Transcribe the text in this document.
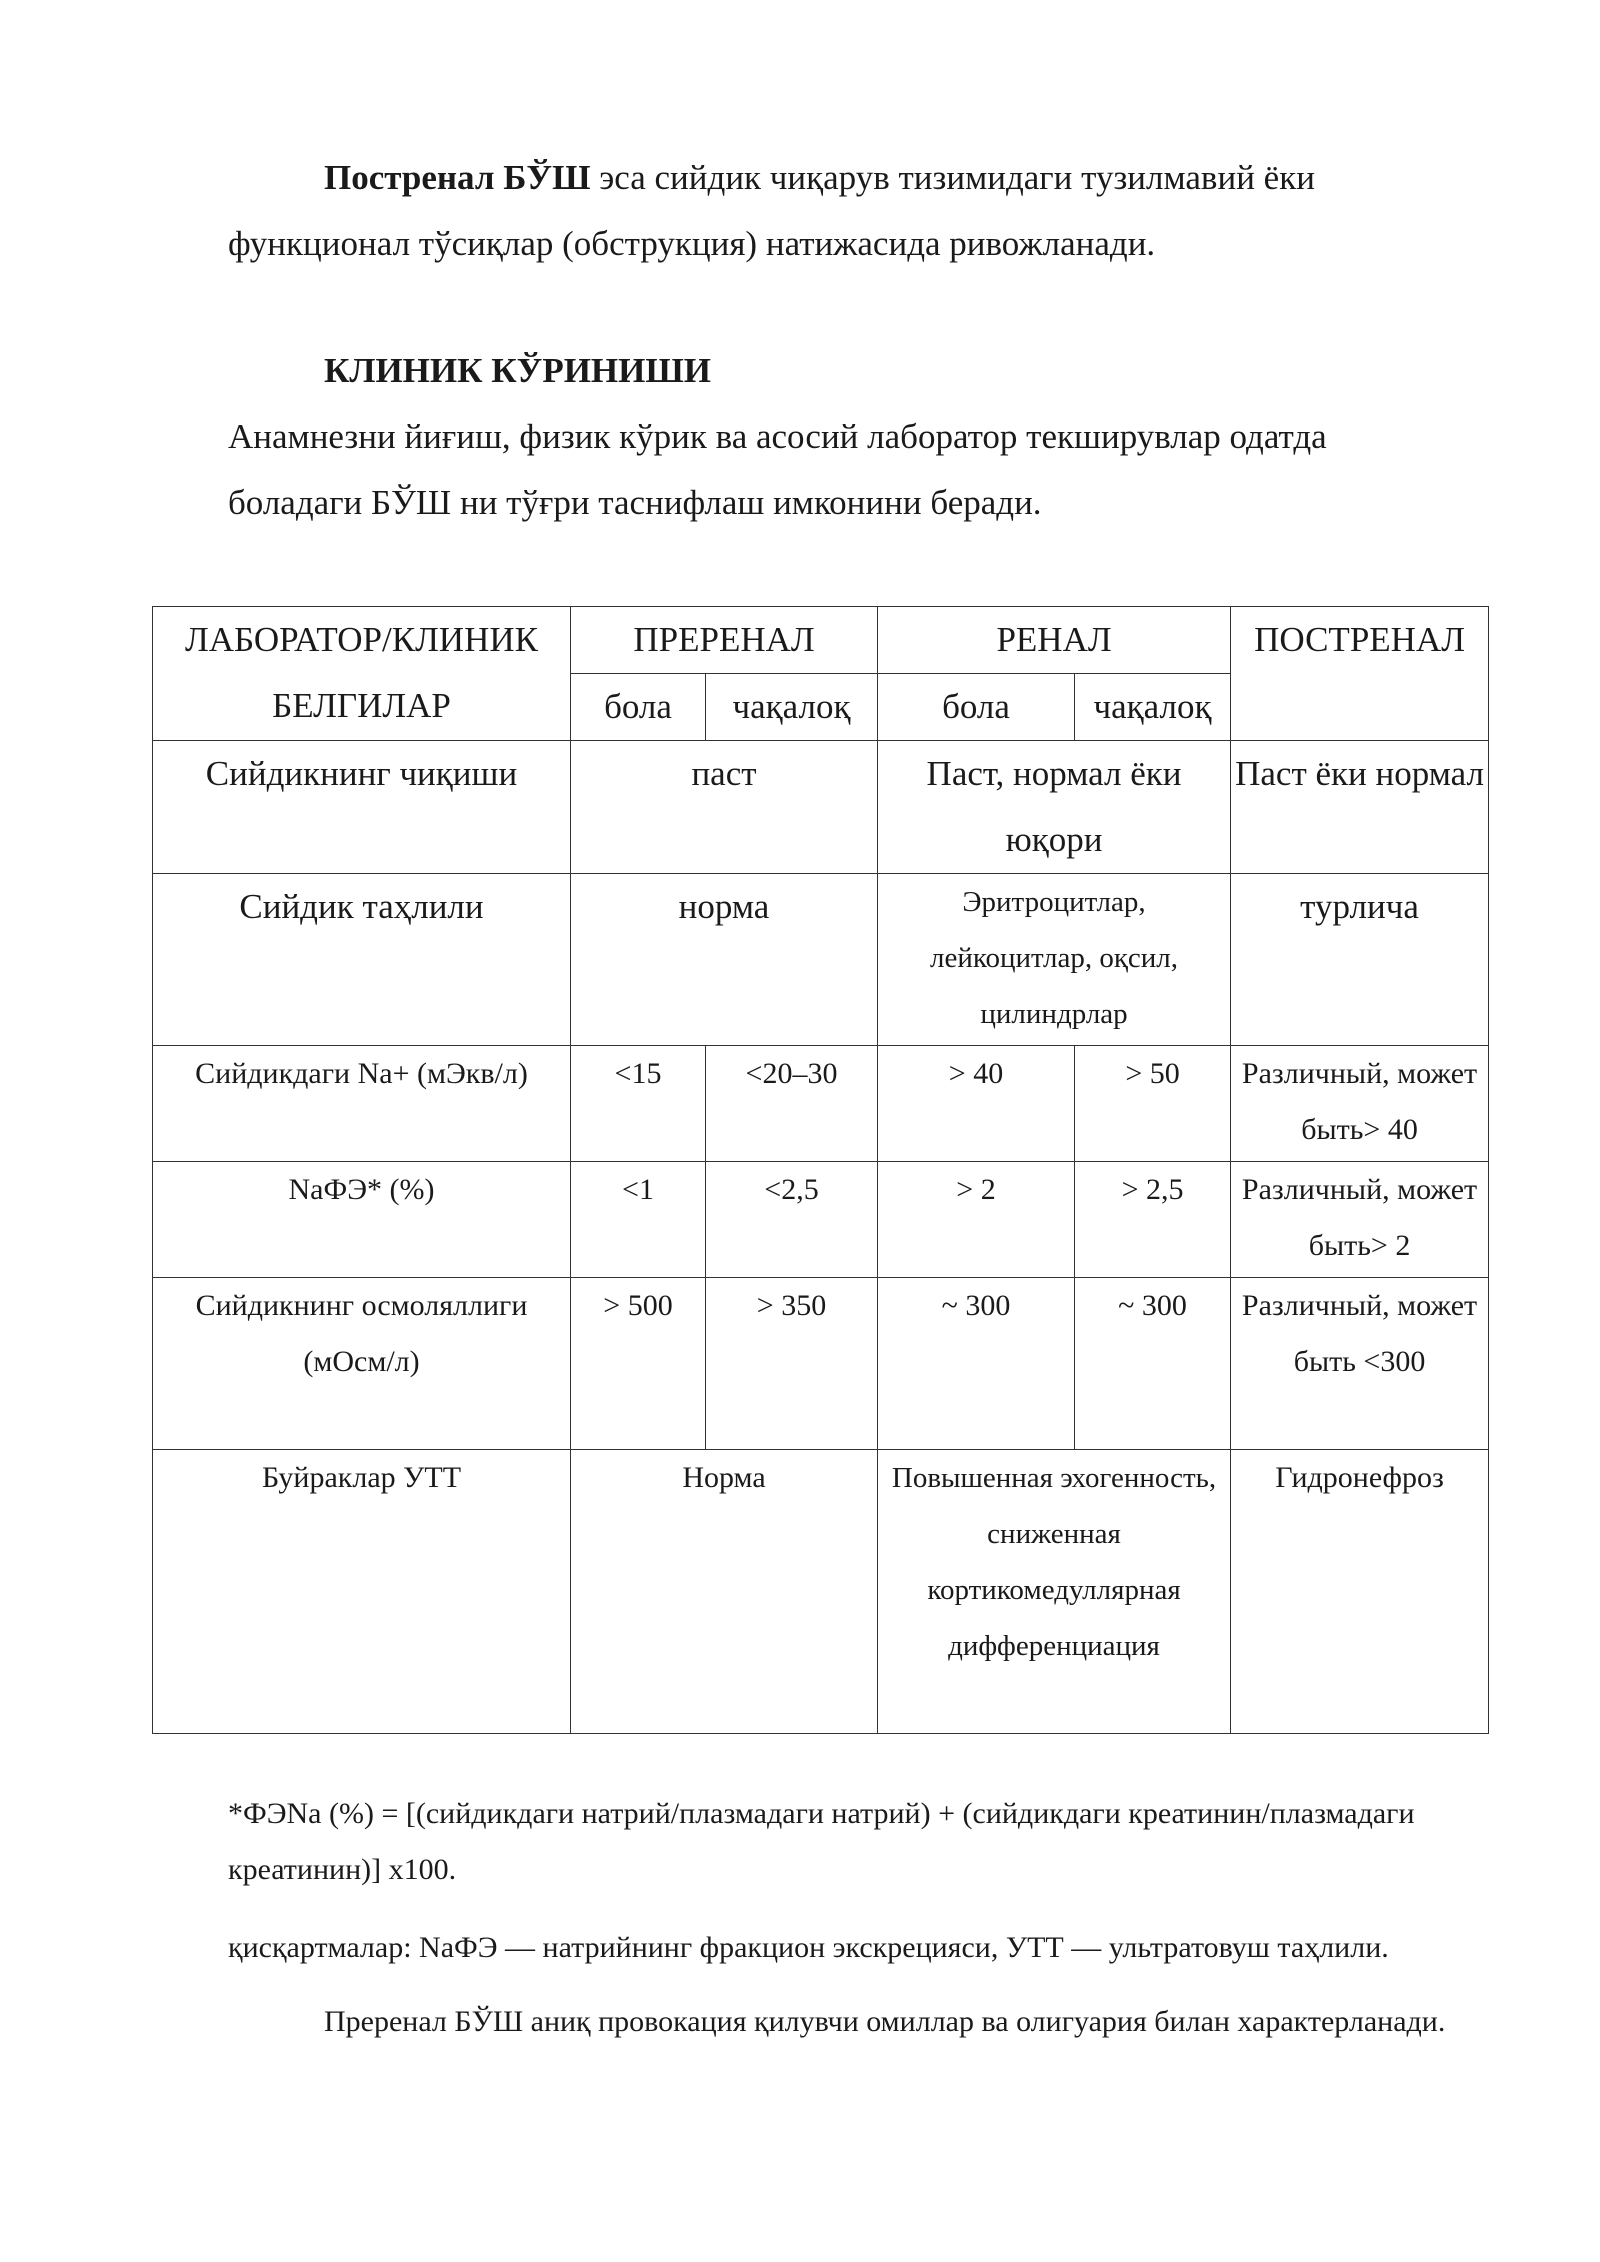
Постренал БЎШ эса сийдик чиқарув тизимидаги тузилмавий ёки функционал тўсиқлар (обструкция) натижасида ривожланади.

КЛИНИК КЎРИНИШИ

Анамнезни йиғиш, физик кўрик ва асосий лаборатор текширувлар одатда боладаги БЎШ ни тўғри таснифлаш имконини беради.

ЛАБОРАТОР/КЛИНИК БЕЛГИЛАР	ПРЕРЕНАЛ		РЕНАЛ		ПОСТРЕНАЛ
	бола	чақалоқ	бола	чақалоқ	
Сийдикнинг чиқиши	паст		Паст, нормал ёки юқори		Паст ёки нормал
Сийдик таҳлили	норма		Эритроцитлар, лейкоцитлар, оқсил, цилиндрлар		турлича
Сийдикдаги Na+ (мЭкв/л)	<15	<20–30	> 40	> 50	Различный, может быть> 40
NaФЭ* (%)	<1	<2,5	> 2	> 2,5	Различный, может быть> 2
Сийдикнинг осмоляллиги (мОсм/л)	> 500	> 350	~ 300	~ 300	Различный, может быть <300
Буйраклар УТТ	Норма		Повышенная эхогенность, сниженная кортикомедуллярная дифференциация		Гидронефроз

*ФЭNa (%) = [(сийдикдаги натрий/плазмадаги натрий) + (сийдикдаги креатинин/плазмадаги креатинин)] x100.

қисқартмалар: NaФЭ — натрийнинг фракцион экскрецияси, УТТ — ультратовуш таҳлили.

Преренал БЎШ аниқ провокация қилувчи омиллар ва олигуария билан характерланади.
